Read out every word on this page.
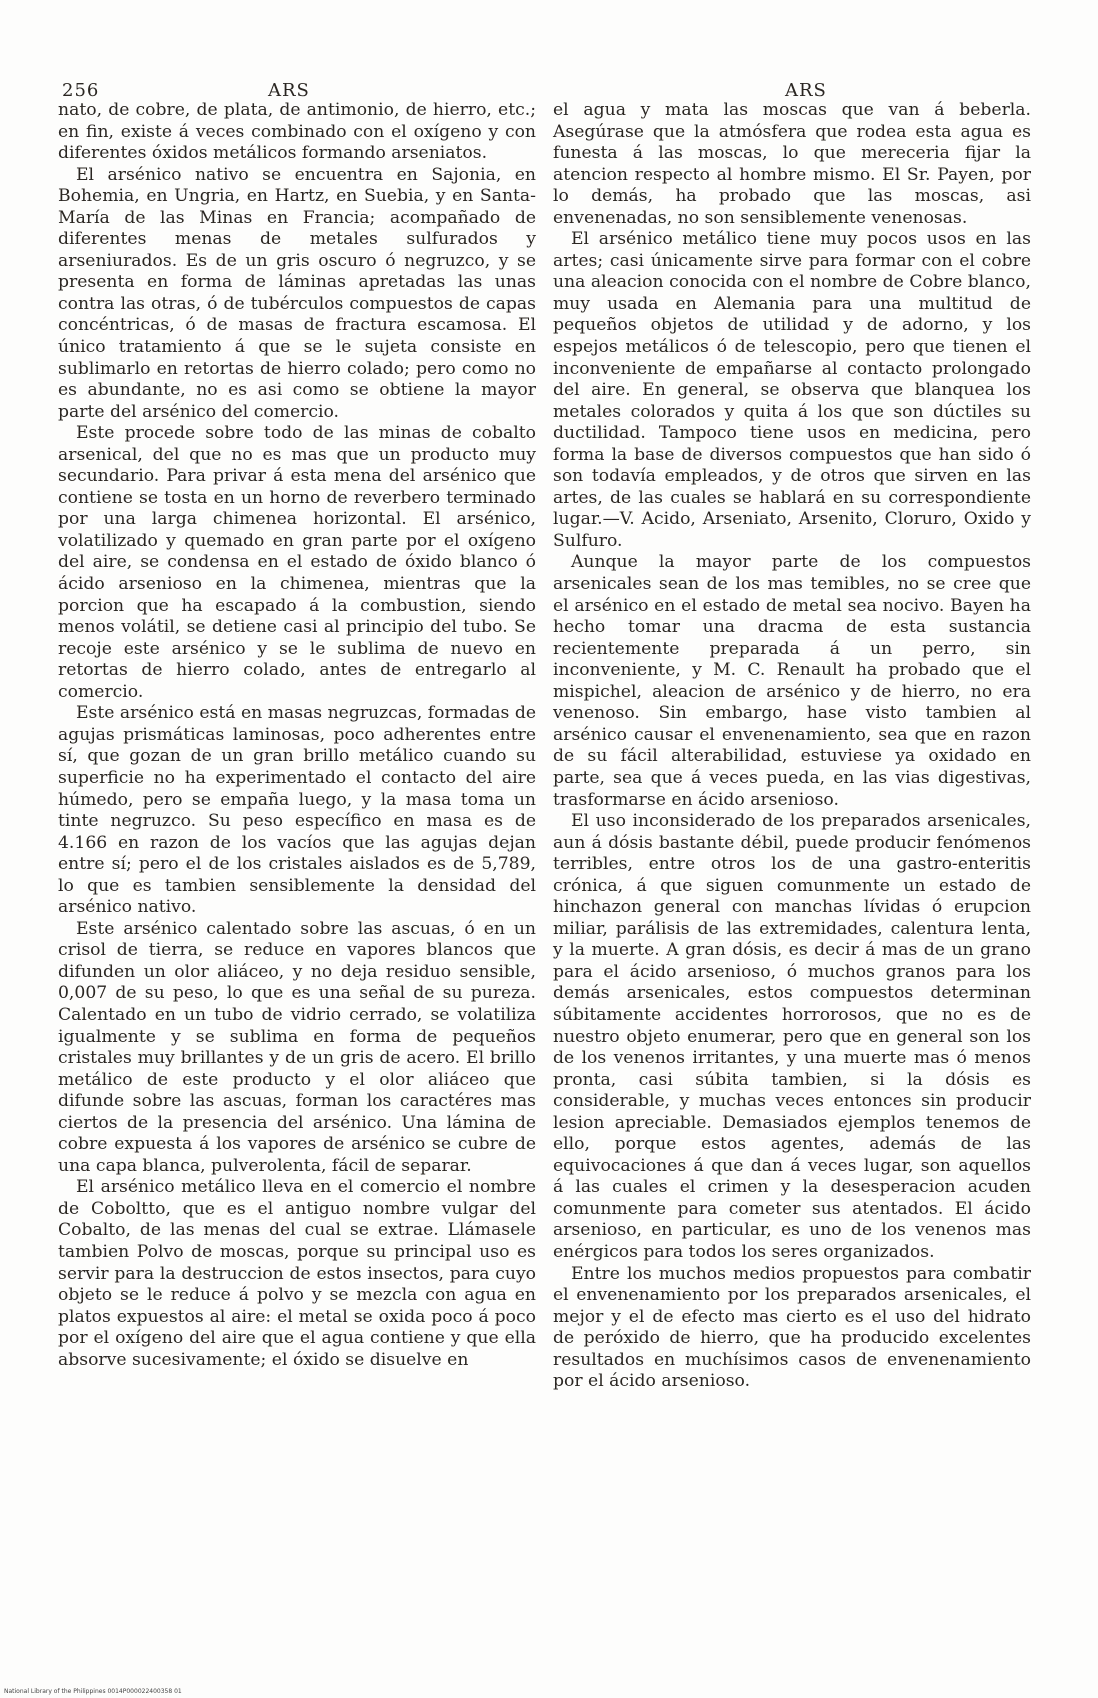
256	ARS	ARS

nato, de cobre, de plata, de antimonio, de hierro, etc.; en fin, existe á veces combinado con el oxígeno y con diferentes óxidos metálicos formando arseniatos.

El arsénico nativo se encuentra en Sajonia, en Bohemia, en Ungria, en Hartz, en Suebia, y en Santa-María de las Minas en Francia; acompañado de diferentes menas de metales sulfurados y arseniurados. Es de un gris oscuro ó negruzco, y se presenta en forma de láminas apretadas las unas contra las otras, ó de tubérculos compuestos de capas concéntricas, ó de masas de fractura escamosa. El único tratamiento á que se le sujeta consiste en sublimarlo en retortas de hierro colado; pero como no es abundante, no es asi como se obtiene la mayor parte del arsénico del comercio.

Este procede sobre todo de las minas de cobalto arsenical, del que no es mas que un producto muy secundario. Para privar á esta mena del arsénico que contiene se tosta en un horno de reverbero terminado por una larga chimenea horizontal. El arsénico, volatilizado y quemado en gran parte por el oxígeno del aire, se condensa en el estado de óxido blanco ó ácido arsenioso en la chimenea, mientras que la porcion que ha escapado á la combustion, siendo menos volátil, se detiene casi al principio del tubo. Se recoje este arsénico y se le sublima de nuevo en retortas de hierro colado, antes de entregarlo al comercio.

Este arsénico está en masas negruzcas, formadas de agujas prismáticas laminosas, poco adherentes entre sí, que gozan de un gran brillo metálico cuando su superficie no ha experimentado el contacto del aire húmedo, pero se empaña luego, y la masa toma un tinte negruzco. Su peso específico en masa es de 4.166 en razon de los vacíos que las agujas dejan entre sí; pero el de los cristales aislados es de 5,789, lo que es tambien sensiblemente la densidad del arsénico nativo.

Este arsénico calentado sobre las ascuas, ó en un crisol de tierra, se reduce en vapores blancos que difunden un olor aliáceo, y no deja residuo sensible, 0,007 de su peso, lo que es una señal de su pureza. Calentado en un tubo de vidrio cerrado, se volatiliza igualmente y se sublima en forma de pequeños cristales muy brillantes y de un gris de acero. El brillo metálico de este producto y el olor aliáceo que difunde sobre las ascuas, forman los caractéres mas ciertos de la presencia del arsénico. Una lámina de cobre expuesta á los vapores de arsénico se cubre de una capa blanca, pulverolenta, fácil de separar.

El arsénico metálico lleva en el comercio el nombre de Coboltto, que es el antiguo nombre vulgar del Cobalto, de las menas del cual se extrae. Llámasele tambien Polvo de moscas, porque su principal uso es servir para la destruccion de estos insectos, para cuyo objeto se le reduce á polvo y se mezcla con agua en platos expuestos al aire: el metal se oxida poco á poco por el oxígeno del aire que el agua contiene y que ella absorve sucesivamente; el óxido se disuelve en

el agua y mata las moscas que van á beberla. Asegúrase que la atmósfera que rodea esta agua es funesta á las moscas, lo que mereceria fijar la atencion respecto al hombre mismo. El Sr. Payen, por lo demás, ha probado que las moscas, asi envenenadas, no son sensiblemente venenosas.

El arsénico metálico tiene muy pocos usos en las artes; casi únicamente sirve para formar con el cobre una aleacion conocida con el nombre de Cobre blanco, muy usada en Alemania para una multitud de pequeños objetos de utilidad y de adorno, y los espejos metálicos ó de telescopio, pero que tienen el inconveniente de empañarse al contacto prolongado del aire. En general, se observa que blanquea los metales colorados y quita á los que son dúctiles su ductilidad. Tampoco tiene usos en medicina, pero forma la base de diversos compuestos que han sido ó son todavía empleados, y de otros que sirven en las artes, de las cuales se hablará en su correspondiente lugar.—V. Acido, Arseniato, Arsenito, Cloruro, Oxido y Sulfuro.

Aunque la mayor parte de los compuestos arsenicales sean de los mas temibles, no se cree que el arsénico en el estado de metal sea nocivo. Bayen ha hecho tomar una dracma de esta sustancia recientemente preparada á un perro, sin inconveniente, y M. C. Renault ha probado que el mispichel, aleacion de arsénico y de hierro, no era venenoso. Sin embargo, hase visto tambien al arsénico causar el envenenamiento, sea que en razon de su fácil alterabilidad, estuviese ya oxidado en parte, sea que á veces pueda, en las vias digestivas, trasformarse en ácido arsenioso.

El uso inconsiderado de los preparados arsenicales, aun á dósis bastante débil, puede producir fenómenos terribles, entre otros los de una gastro-enteritis crónica, á que siguen comunmente un estado de hinchazon general con manchas lívidas ó erupcion miliar, parálisis de las extremidades, calentura lenta, y la muerte. A gran dósis, es decir á mas de un grano para el ácido arsenioso, ó muchos granos para los demás arsenicales, estos compuestos determinan súbitamente accidentes horrorosos, que no es de nuestro objeto enumerar, pero que en general son los de los venenos irritantes, y una muerte mas ó menos pronta, casi súbita tambien, si la dósis es considerable, y muchas veces entonces sin producir lesion apreciable. Demasiados ejemplos tenemos de ello, porque estos agentes, además de las equivocaciones á que dan á veces lugar, son aquellos á las cuales el crimen y la desesperacion acuden comunmente para cometer sus atentados. El ácido arsenioso, en particular, es uno de los venenos mas enérgicos para todos los seres organizados.

Entre los muchos medios propuestos para combatir el envenenamiento por los preparados arsenicales, el mejor y el de efecto mas cierto es el uso del hidrato de peróxido de hierro, que ha producido excelentes resultados en muchísimos casos de envenenamiento por el ácido arsenioso.

National Library of the Philippines 0014P000022400358 01
